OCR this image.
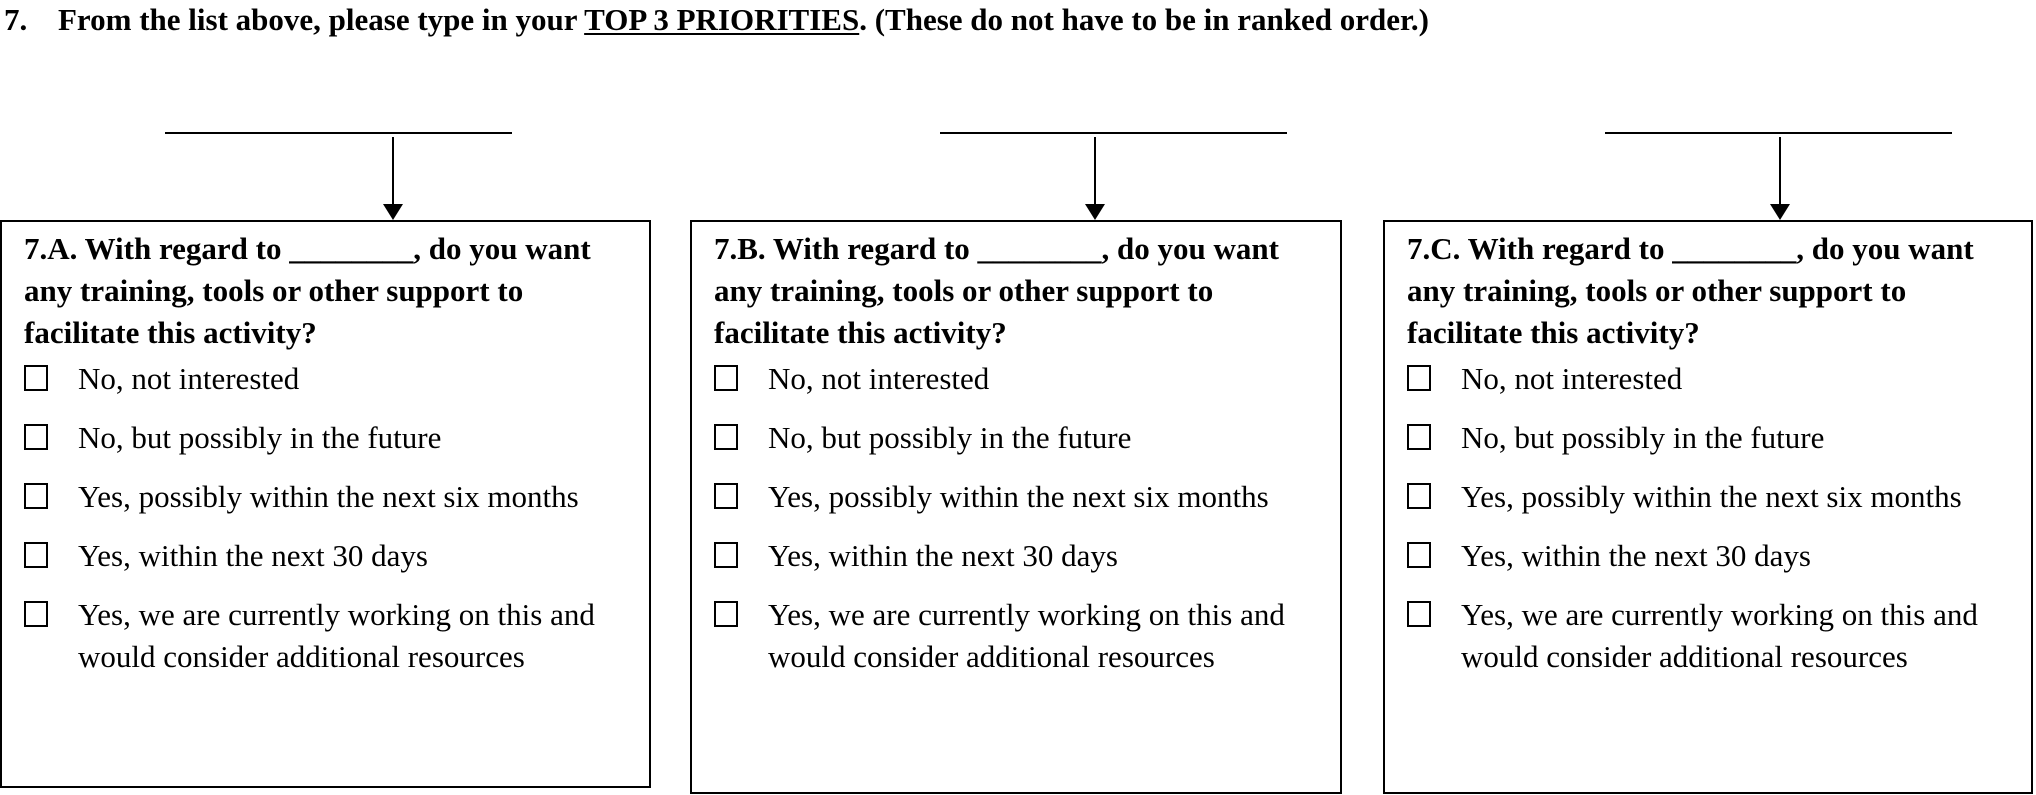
7. From the list above, please type in your TOP 3 PRIORITIES. (These do not have to be in ranked order.)
7.A. With regard to ________, do you want any training, tools or other support to facilitate this activity?
No, not interested
No, but possibly in the future
Yes, possibly within the next six months
Yes, within the next 30 days
Yes, we are currently working on this and would consider additional resources
7.B. With regard to ________, do you want any training, tools or other support to facilitate this activity?
No, not interested
No, but possibly in the future
Yes, possibly within the next six months
Yes, within the next 30 days
Yes, we are currently working on this and would consider additional resources
7.C. With regard to ________, do you want any training, tools or other support to facilitate this activity?
No, not interested
No, but possibly in the future
Yes, possibly within the next six months
Yes, within the next 30 days
Yes, we are currently working on this and would consider additional resources
